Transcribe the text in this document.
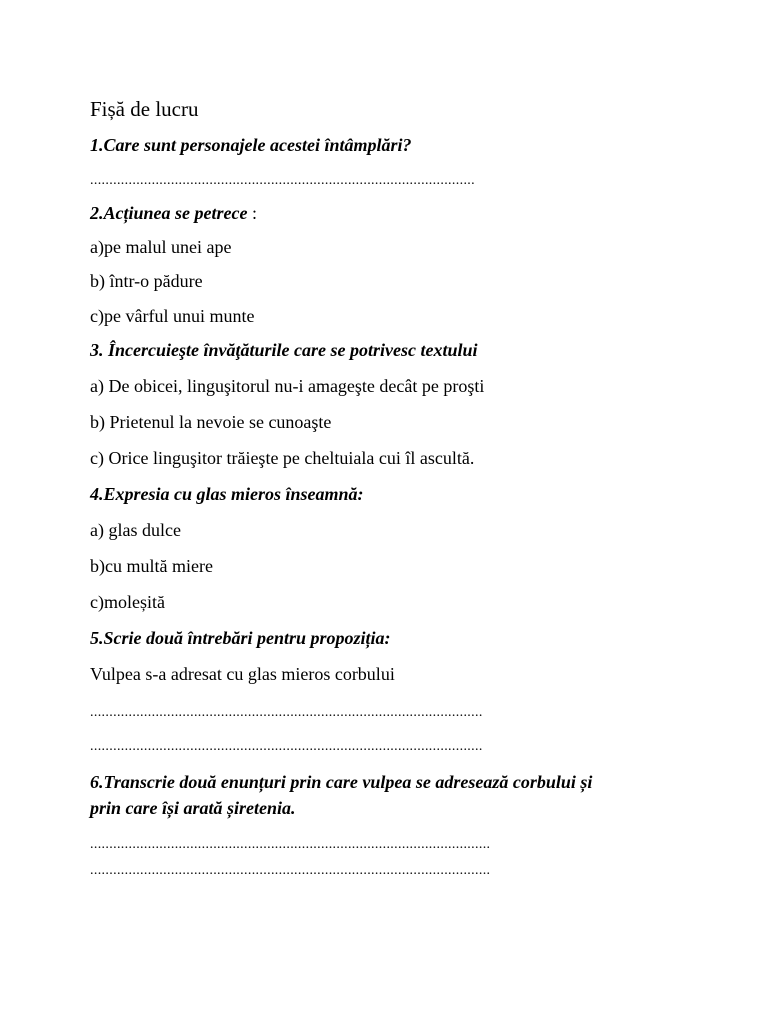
Fișă de lucru
1.Care sunt personajele acestei întâmplări?
....................................................................................................
2.Acțiunea se petrece :
a)pe malul unei ape
b) într-o pădure
c)pe vârful unui munte
3. Încercuieşte învăţăturile care se potrivesc textului
a) De obicei, linguşitorul nu-i amageşte decât pe proşti
b) Prietenul la nevoie se cunoaşte
c) Orice linguşitor trăieşte pe cheltuiala cui îl ascultă.
4.Expresia cu glas mieros înseamnă:
a) glas dulce
b)cu multă miere
c)moleșită
5.Scrie două întrebări pentru propoziția:
Vulpea s-a adresat cu glas mieros corbului
......................................................................................................
......................................................................................................
6.Transcrie două enunțuri prin care vulpea se adresează corbului și
prin care își arată șiretenia.
........................................................................................................
........................................................................................................
